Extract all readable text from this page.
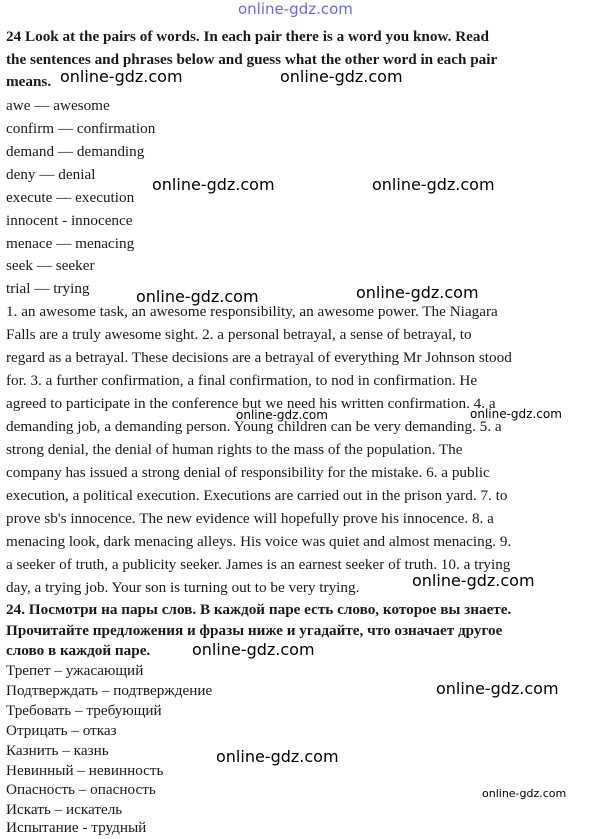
online-gdz.com
24 Look at the pairs of words. In each pair there is a word you know. Read
the sentences and phrases below and guess what the other word in each pair
means.
awe — awesome
confirm — confirmation
demand — demanding
deny — denial
execute — execution
innocent - innocence
menace — menacing
seek — seeker
trial — trying
1. an awesome task, an awesome responsibility, an awesome power. The Niagara
Falls are a truly awesome sight. 2. a personal betrayal, a sense of betrayal, to
regard as a betrayal. These decisions are a betrayal of everything Mr Johnson stood
for. 3. a further confirmation, a final confirmation, to nod in confirmation. He
agreed to participate in the conference but we need his written confirmation. 4. a
demanding job, a demanding person. Young children can be very demanding. 5. a
strong denial, the denial of human rights to the mass of the population. The
company has issued a strong denial of responsibility for the mistake. 6. a public
execution, a political execution. Executions are carried out in the prison yard. 7. to
prove sb's innocence. The new evidence will hopefully prove his innocence. 8. a
menacing look, dark menacing alleys. His voice was quiet and almost menacing. 9.
a seeker of truth, a publicity seeker. James is an earnest seeker of truth. 10. a trying
day, a trying job. Your son is turning out to be very trying.
24. Посмотри на пары слов. В каждой паре есть слово, которое вы знаете.
Прочитайте предложения и фразы ниже и угадайте, что означает другое
слово в каждой паре.
Трепет – ужасающий
Подтверждать – подтверждение
Требовать – требующий
Отрицать – отказ
Казнить – казнь
Невинный – невинность
Опасность – опасность
Искать – искатель
Испытание - трудный
online-gdz.com	online-gdz.com
online-gdz.com	online-gdz.com
online-gdz.com	online-gdz.com
online-gdz.com	online-gdz.com
online-gdz.com
online-gdz.com
online-gdz.com
online-gdz.com
online-gdz.com
